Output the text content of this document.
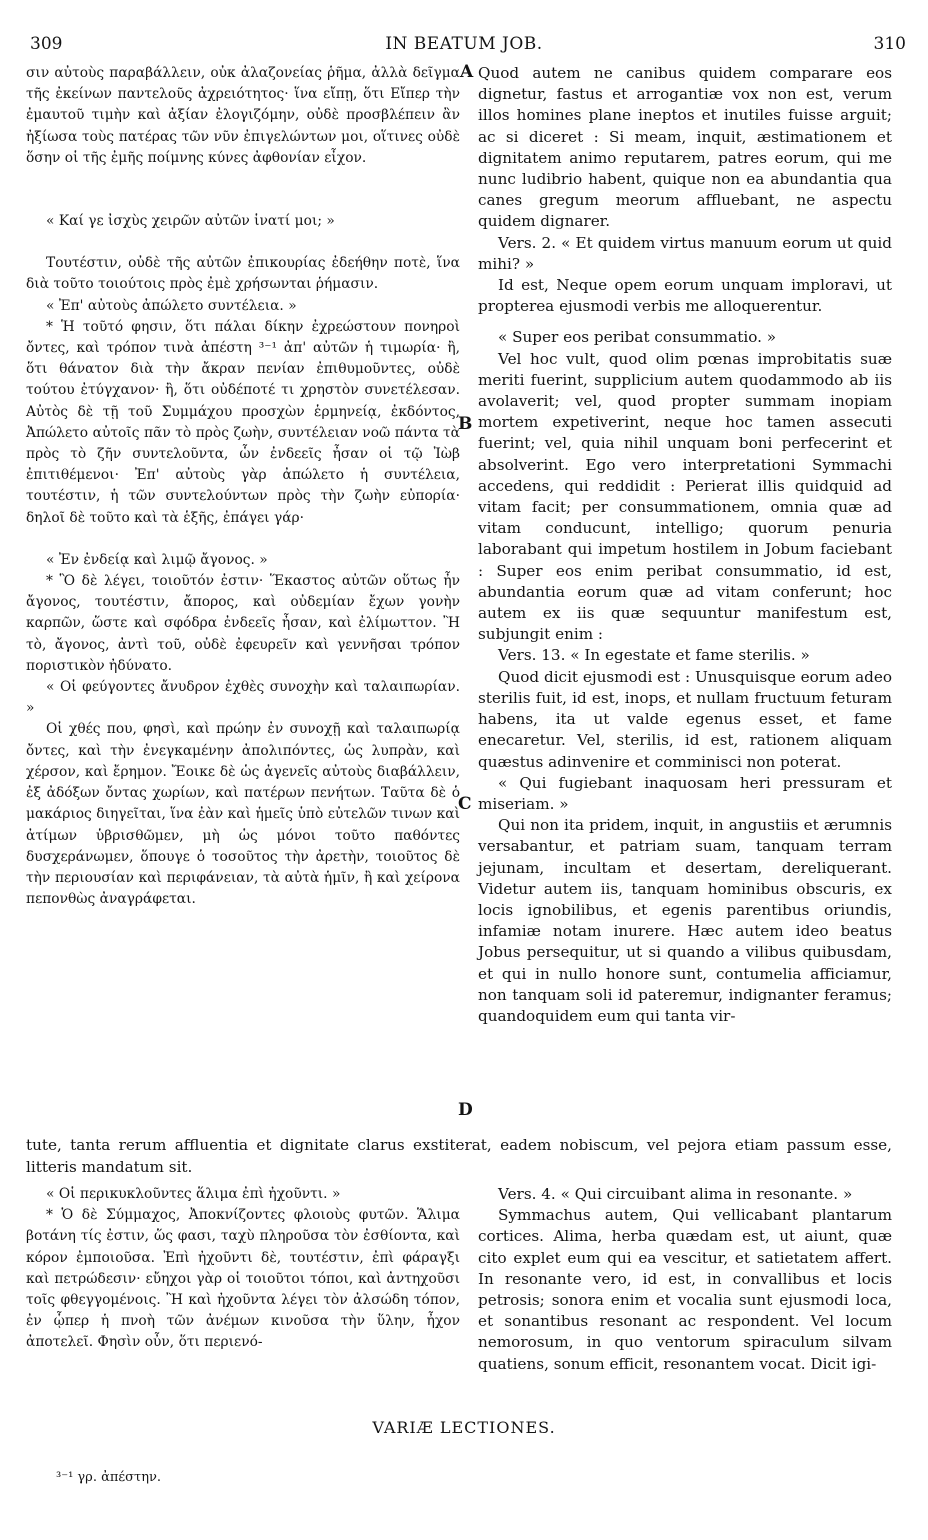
309	IN BEATUM JOB.	310
A
B
C
D

σιν αὐτοὺς παραβάλλειν, οὐκ ἀλαζονείας ῥῆμα, ἀλλὰ δεῖγμα τῆς ἐκείνων παντελοῦς ἀχρειότητος· ἵνα εἴπῃ, ὅτι Εἴπερ τὴν ἐμαυτοῦ τιμὴν καὶ ἀξίαν ἐλογιζόμην, οὐδὲ προσβλέπειν ἂν ἠξίωσα τοὺς πατέρας τῶν νῦν ἐπιγελώντων μοι, οἵτινες οὐδὲ ὅσην οἱ τῆς ἐμῆς ποίμνης κύνες ἀφθονίαν εἶχον.

« Καί γε ἰσχὺς χειρῶν αὐτῶν ἱνατί μοι; »

Τουτέστιν, οὐδὲ τῆς αὐτῶν ἐπικουρίας ἐδεήθην ποτὲ, ἵνα διὰ τοῦτο τοιούτοις πρὸς ἐμὲ χρήσωνται ῥήμασιν.

« Ἐπ' αὐτοὺς ἀπώλετο συντέλεια. »

* Ἡ τοῦτό φησιν, ὅτι πάλαι δίκην ἐχρεώστουν πονηροὶ ὄντες, καὶ τρόπον τινὰ ἀπέστη ³⁻¹ ἀπ' αὐτῶν ἡ τιμωρία· ἢ, ὅτι θάνατον διὰ τὴν ἄκραν πενίαν ἐπιθυμοῦντες, οὐδὲ τούτου ἐτύγχανον· ἢ, ὅτι οὐδέποτέ τι χρηστὸν συνετέλεσαν. Αὐτὸς δὲ τῇ τοῦ Συμμάχου προσχὼν ἑρμηνείᾳ, ἐκδόντος, Ἀπώλετο αὐτοῖς πᾶν τὸ πρὸς ζωὴν, συντέλειαν νοῶ πάντα τὰ πρὸς τὸ ζῆν συντελοῦντα, ὧν ἐνδεεῖς ἦσαν οἱ τῷ Ἰὼβ ἐπιτιθέμενοι· Ἐπ' αὐτοὺς γὰρ ἀπώλετο ἡ συντέλεια, τουτέστιν, ἡ τῶν συντελούντων πρὸς τὴν ζωὴν εὐπορία· δηλοῖ δὲ τοῦτο καὶ τὰ ἑξῆς, ἐπάγει γάρ·

« Ἐν ἐνδείᾳ καὶ λιμῷ ἄγονος. »

* Ὃ δὲ λέγει, τοιοῦτόν ἐστιν· Ἕκαστος αὐτῶν οὕτως ἦν ἄγονος, τουτέστιν, ἄπορος, καὶ οὐδεμίαν ἔχων γονὴν καρπῶν, ὥστε καὶ σφόδρα ἐνδεεῖς ἦσαν, καὶ ἐλίμωττον. Ἢ τὸ, ἄγονος, ἀντὶ τοῦ, οὐδὲ ἐφευρεῖν καὶ γεννῆσαι τρόπον ποριστικὸν ἠδύνατο.

« Οἱ φεύγοντες ἄνυδρον ἐχθὲς συνοχὴν καὶ ταλαιπωρίαν. »

Οἱ χθές που, φησὶ, καὶ πρώην ἐν συνοχῇ καὶ ταλαιπωρίᾳ ὄντες, καὶ τὴν ἐνεγκαμένην ἀπολιπόντες, ὡς λυπρὰν, καὶ χέρσον, καὶ ἔρημον. Ἔοικε δὲ ὡς ἀγενεῖς αὐτοὺς διαβάλλειν, ἐξ ἀδόξων ὄντας χωρίων, καὶ πατέρων πενήτων. Ταῦτα δὲ ὁ μακάριος διηγεῖται, ἵνα ἐὰν καὶ ἡμεῖς ὑπὸ εὐτελῶν τινων καὶ ἀτίμων ὑβρισθῶμεν, μὴ ὡς μόνοι τοῦτο παθόντες δυσχεράνωμεν, ὅπουγε ὁ τοσοῦτος τὴν ἀρετὴν, τοιοῦτος δὲ τὴν περιουσίαν καὶ περιφάνειαν, τὰ αὐτὰ ἡμῖν, ἢ καὶ χείρονα πεπονθὼς ἀναγράφεται.

Quod autem ne canibus quidem comparare eos dignetur, fastus et arrogantiæ vox non est, verum illos homines plane ineptos et inutiles fuisse arguit; ac si diceret : Si meam, inquit, æstimationem et dignitatem animo reputarem, patres eorum, qui me nunc ludibrio habent, quique non ea abundantia qua canes gregum meorum affluebant, ne aspectu quidem dignarer.

Vers. 2. « Et quidem virtus manuum eorum ut quid mihi? »

Id est, Neque opem eorum unquam imploravi, ut propterea ejusmodi verbis me alloquerentur.

« Super eos peribat consummatio. »

Vel hoc vult, quod olim pœnas improbitatis suæ meriti fuerint, supplicium autem quodammodo ab iis avolaverit; vel, quod propter summam inopiam mortem expetiverint, neque hoc tamen assecuti fuerint; vel, quia nihil unquam boni perfecerint et absolverint. Ego vero interpretationi Symmachi accedens, qui reddidit : Perierat illis quidquid ad vitam facit; per consummationem, omnia quæ ad vitam conducunt, intelligo; quorum penuria laborabant qui impetum hostilem in Jobum faciebant : Super eos enim peribat consummatio, id est, abundantia eorum quæ ad vitam conferunt; hoc autem ex iis quæ sequuntur manifestum est, subjungit enim :

Vers. 13. « In egestate et fame sterilis. »

Quod dicit ejusmodi est : Unusquisque eorum adeo sterilis fuit, id est, inops, et nullam fructuum feturam habens, ita ut valde egenus esset, et fame enecaretur. Vel, sterilis, id est, rationem aliquam quæstus adinvenire et comminisci non poterat.

« Qui fugiebant inaquosam heri pressuram et miseriam. »

Qui non ita pridem, inquit, in angustiis et ærumnis versabantur, et patriam suam, tanquam terram jejunam, incultam et desertam, dereliquerant. Videtur autem iis, tanquam hominibus obscuris, ex locis ignobilibus, et egenis parentibus oriundis, infamiæ notam inurere. Hæc autem ideo beatus Jobus persequitur, ut si quando a vilibus quibusdam, et qui in nullo honore sunt, contumelia afficiamur, non tanquam soli id pateremur, indignanter feramus; quandoquidem eum qui tanta vir-

tute, tanta rerum affluentia et dignitate clarus exstiterat, eadem nobiscum, vel pejora etiam passum esse, litteris mandatum sit.

« Οἱ περικυκλοῦντες ἅλιμα ἐπὶ ἠχοῦντι. »

* Ὁ δὲ Σύμμαχος, Ἀποκνίζοντες φλοιοὺς φυτῶν. Ἅλιμα βοτάνη τίς ἐστιν, ὥς φασι, ταχὺ πληροῦσα τὸν ἐσθίοντα, καὶ κόρον ἐμποιοῦσα. Ἐπὶ ἠχοῦντι δὲ, τουτέστιν, ἐπὶ φάραγξι καὶ πετρώδεσιν· εὔηχοι γὰρ οἱ τοιοῦτοι τόποι, καὶ ἀντηχοῦσι τοῖς φθεγγομένοις. Ἢ καὶ ἠχοῦντα λέγει τὸν ἀλσώδη τόπον, ἐν ᾧπερ ἡ πνοὴ τῶν ἀνέμων κινοῦσα τὴν ὕλην, ἦχον ἀποτελεῖ. Φησὶν οὖν, ὅτι περιενό-

Vers. 4. « Qui circuibant alima in resonante. »

Symmachus autem, Qui vellicabant plantarum cortices. Alima, herba quædam est, ut aiunt, quæ cito explet eum qui ea vescitur, et satietatem affert. In resonante vero, id est, in convallibus et locis petrosis; sonora enim et vocalia sunt ejusmodi loca, et sonantibus resonant ac respondent. Vel locum nemorosum, in quo ventorum spiraculum silvam quatiens, sonum efficit, resonantem vocat. Dicit igi-

VARIÆ LECTIONES.
³⁻¹ γρ. ἀπέστην.
